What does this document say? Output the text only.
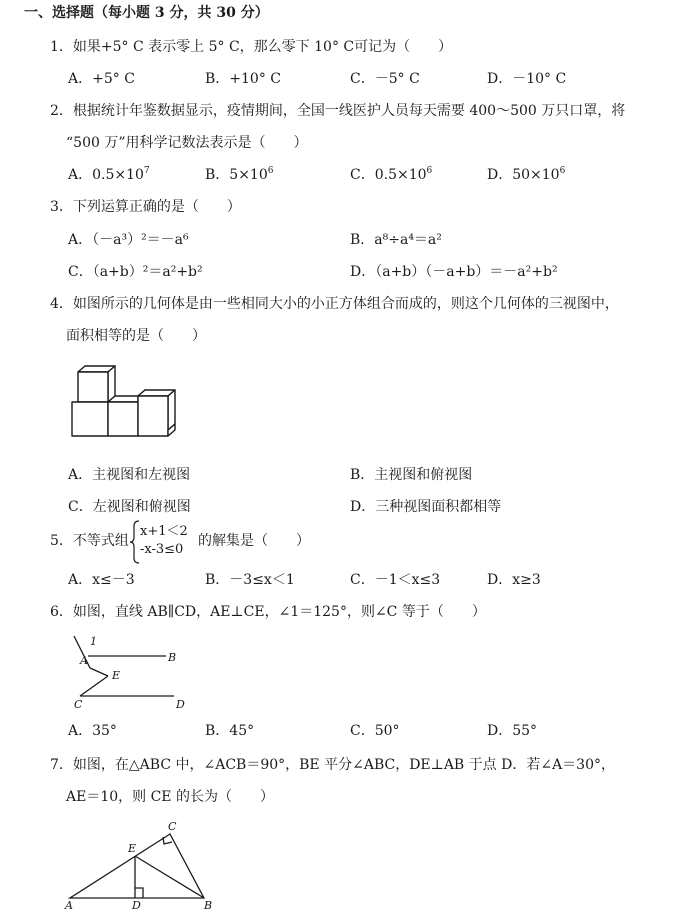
一、选择题（每小题 3 分，共 30 分）
1．如果+5° C 表示零上 5° C，那么零下 10° C可记为（　　）
A．+5° C	B．+10° C	C．－5° C	D．－10° C
2．根据统计年鉴数据显示，疫情期间，全国一线医护人员每天需要 400～500 万只口罩，将
“500 万”用科学记数法表示是（　　）
A．$0.5\times 10^7$	B．$5\times 10^6$	C．$0.5\times 10^6$	D．$50\times 10^6$
3．下列运算正确的是（　　）
A．（－a³）²＝－a⁶	B．a⁸÷a⁴＝a²
C．（a+b）²＝a²+b²	D．（a+b）（－a+b）＝－a²+b²
4．如图所示的几何体是由一些相同大小的小正方体组合而成的，则这个几何体的三视图中，
面积相等的是（　　）
A．主视图和左视图	B．主视图和俯视图
C．左视图和俯视图	D．三种视图面积都相等
5．不等式组
x+1＜2
-x-3≤0
的解集是（　　）
A．x≤－3	B．－3≤x＜1	C．－1＜x≤3	D．x≥3
6．如图，直线 AB∥CD，AE⊥CE，∠1＝125°，则∠C 等于（　　）
1
A	B
E
C	D
A．35°	B．45°	C．50°	D．55°
7．如图，在△ABC 中，∠ACB＝90°，BE 平分∠ABC，DE⊥AB 于点 D．若∠A＝30°，
AE＝10，则 CE 的长为（　　）
A	B
C
D
E
